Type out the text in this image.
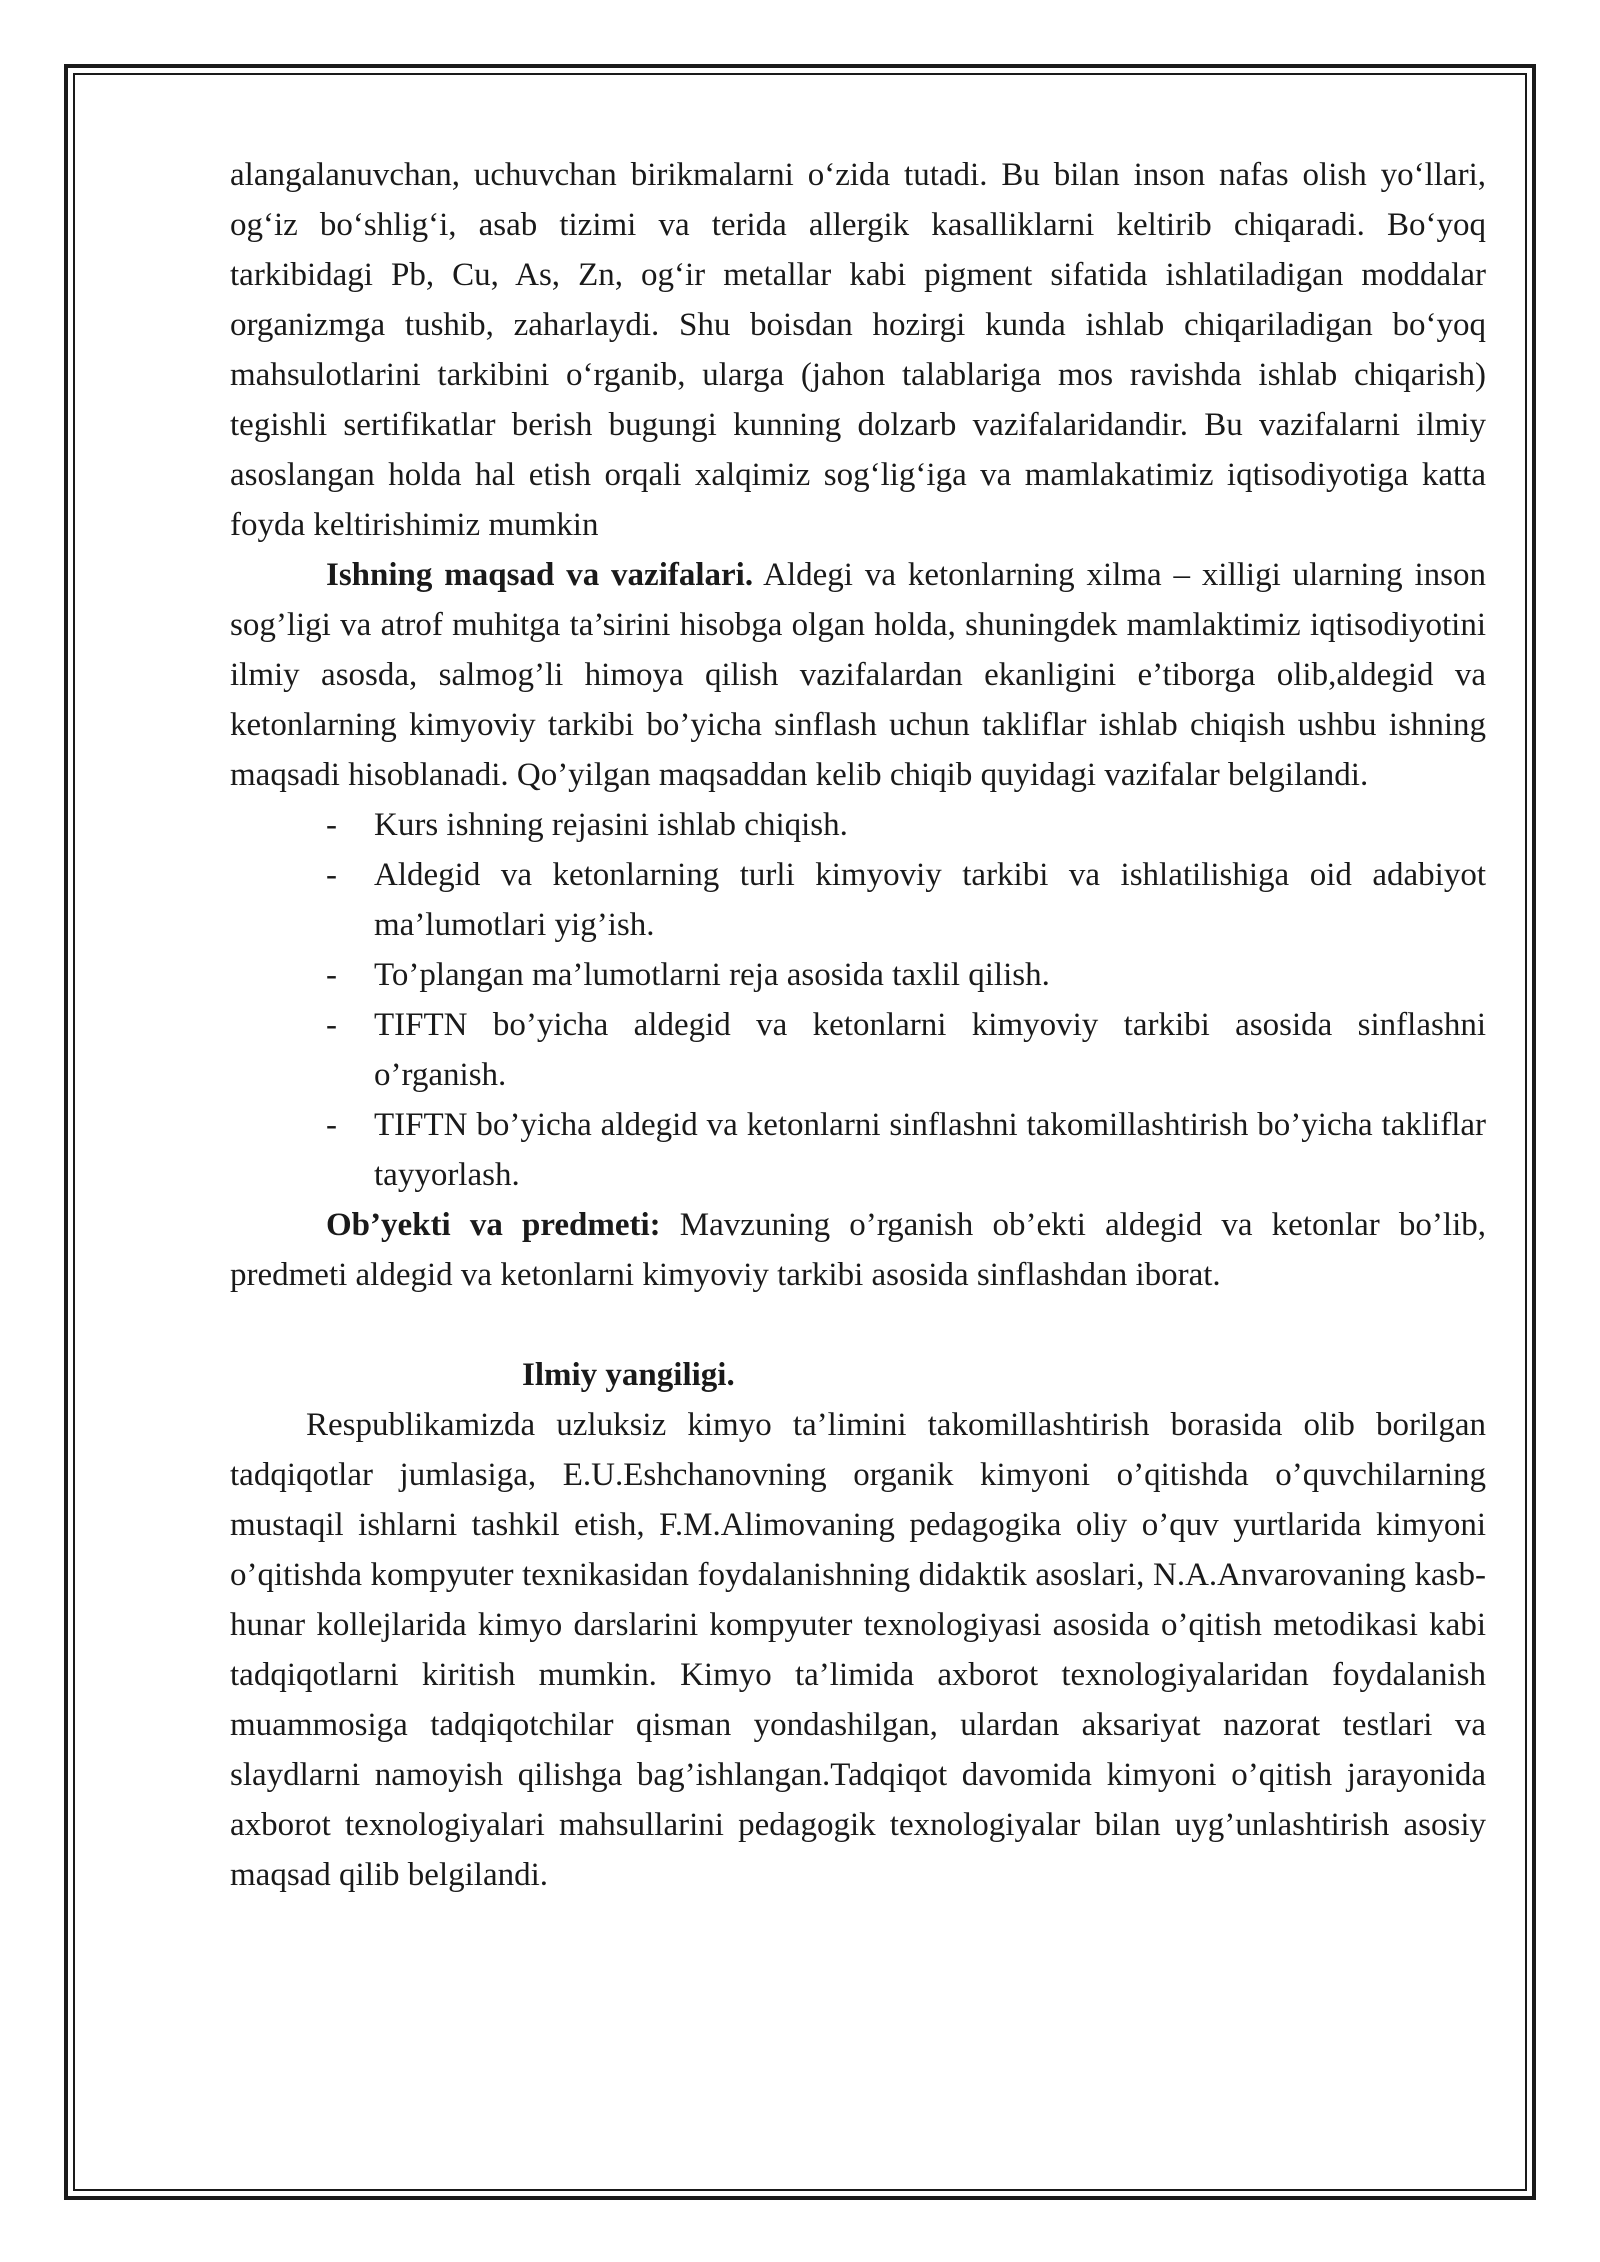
alangalanuvchan, uchuvchan birikmalarni o‘zida tutadi. Bu bilan inson nafas olish yo‘llari, og‘iz bo‘shlig‘i, asab tizimi va terida allergik kasalliklarni keltirib chiqaradi. Bo‘yoq tarkibidagi Pb, Cu, As, Zn, og‘ir metallar kabi pigment sifatida ishlatiladigan moddalar organizmga tushib, zaharlaydi. Shu boisdan hozirgi kunda ishlab chiqariladigan bo‘yoq mahsulotlarini tarkibini o‘rganib, ularga (jahon talablariga mos ravishda ishlab chiqarish) tegishli sertifikatlar berish bugungi kunning dolzarb vazifalaridandir. Bu vazifalarni ilmiy asoslangan holda hal etish orqali xalqimiz sog‘lig‘iga va mamlakatimiz iqtisodiyotiga katta foyda keltirishimiz mumkin

Ishning maqsad va vazifalari. Aldegi va ketonlarning xilma – xilligi ularning inson sog’ligi va atrof muhitga ta’sirini hisobga olgan holda, shuningdek mamlaktimiz iqtisodiyotini ilmiy asosda, salmog’li himoya qilish vazifalardan ekanligini e’tiborga olib,aldegid va ketonlarning kimyoviy tarkibi bo’yicha sinflash uchun takliflar ishlab chiqish ushbu ishning maqsadi hisoblanadi. Qo’yilgan maqsaddan kelib chiqib quyidagi vazifalar belgilandi.

- Kurs ishning rejasini ishlab chiqish.
- Aldegid va ketonlarning turli kimyoviy tarkibi va ishlatilishiga oid adabiyot ma’lumotlari yig’ish.
- To’plangan ma’lumotlarni reja asosida taxlil qilish.
- TIFTN bo’yicha aldegid va ketonlarni kimyoviy tarkibi asosida sinflashni o’rganish.
- TIFTN bo’yicha aldegid va ketonlarni sinflashni takomillashtirish bo’yicha takliflar tayyorlash.

Ob’yekti va predmeti: Mavzuning o’rganish ob’ekti aldegid va ketonlar bo’lib, predmeti aldegid va ketonlarni kimyoviy tarkibi asosida sinflashdan iborat.

Ilmiy yangiligi.

Respublikamizda uzluksiz kimyo ta’limini takomillashtirish borasida olib borilgan tadqiqotlar jumlasiga, E.U.Eshchanovning organik kimyoni o’qitishda o’quvchilarning mustaqil ishlarni tashkil etish, F.M.Alimovaning pedagogika oliy o’quv yurtlarida kimyoni o’qitishda kompyuter texnikasidan foydalanishning didaktik asoslari, N.A.Anvarovaning kasb-hunar kollejlarida kimyo darslarini kompyuter texnologiyasi asosida o’qitish metodikasi kabi tadqiqotlarni kiritish mumkin. Kimyo ta’limida axborot texnologiyalaridan foydalanish muammosiga tadqiqotchilar qisman yondashilgan, ulardan aksariyat nazorat testlari va slaydlarni namoyish qilishga bag’ishlangan.Tadqiqot davomida kimyoni o’qitish jarayonida axborot texnologiyalari mahsullarini pedagogik texnologiyalar bilan uyg’unlashtirish asosiy maqsad qilib belgilandi.
